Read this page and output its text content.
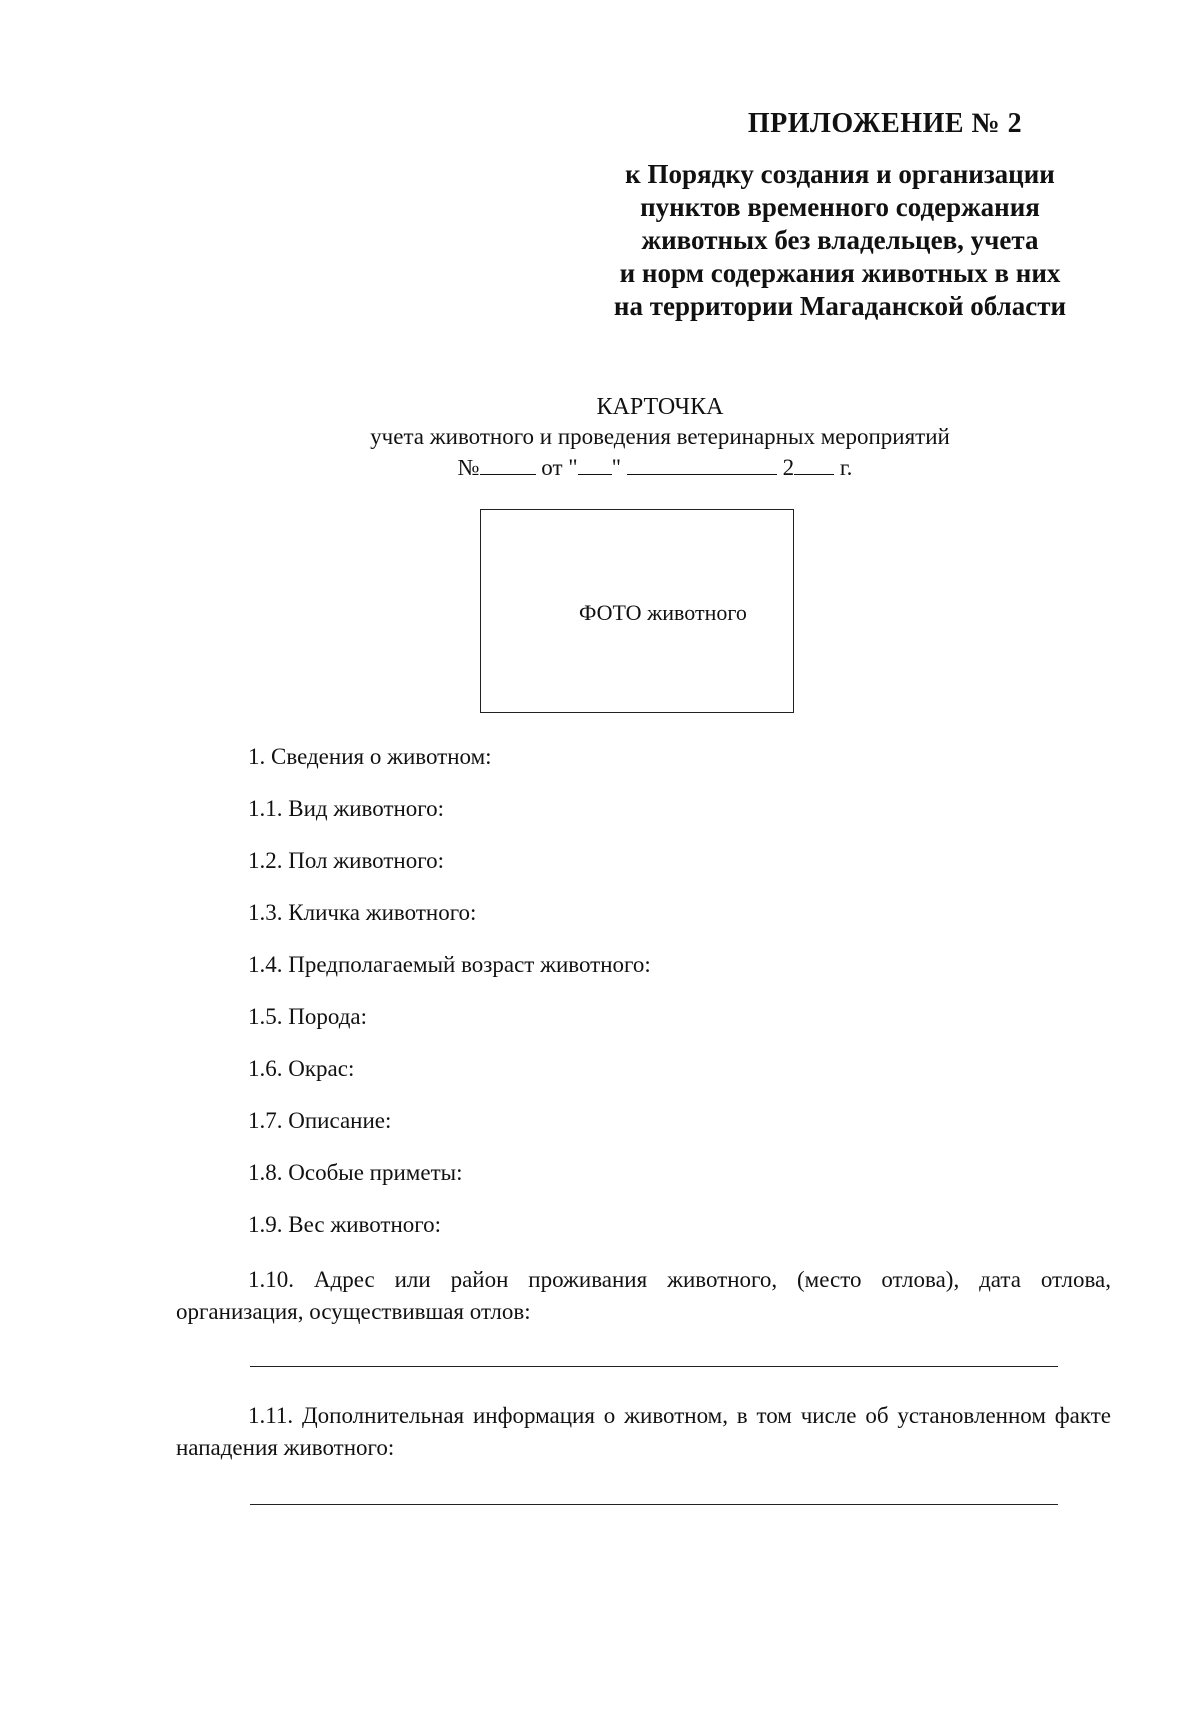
ПРИЛОЖЕНИЕ № 2
к Порядку создания и организации
пунктов временного содержания
животных без владельцев, учета
и норм содержания животных в них
на территории Магаданской области
КАРТОЧКА
учета животного и проведения ветеринарных мероприятий
№	от " "	2 г.
ФОТО животного
1. Сведения о животном:
1.1. Вид животного:
1.2. Пол животного:
1.3. Кличка животного:
1.4. Предполагаемый возраст животного:
1.5. Порода:
1.6. Окрас:
1.7. Описание:
1.8. Особые приметы:
1.9. Вес животного:
1.10. Адрес или район проживания животного, (место отлова), дата отлова, организация, осуществившая отлов:
1.11. Дополнительная информация о животном, в том числе об установленном факте нападения животного:
